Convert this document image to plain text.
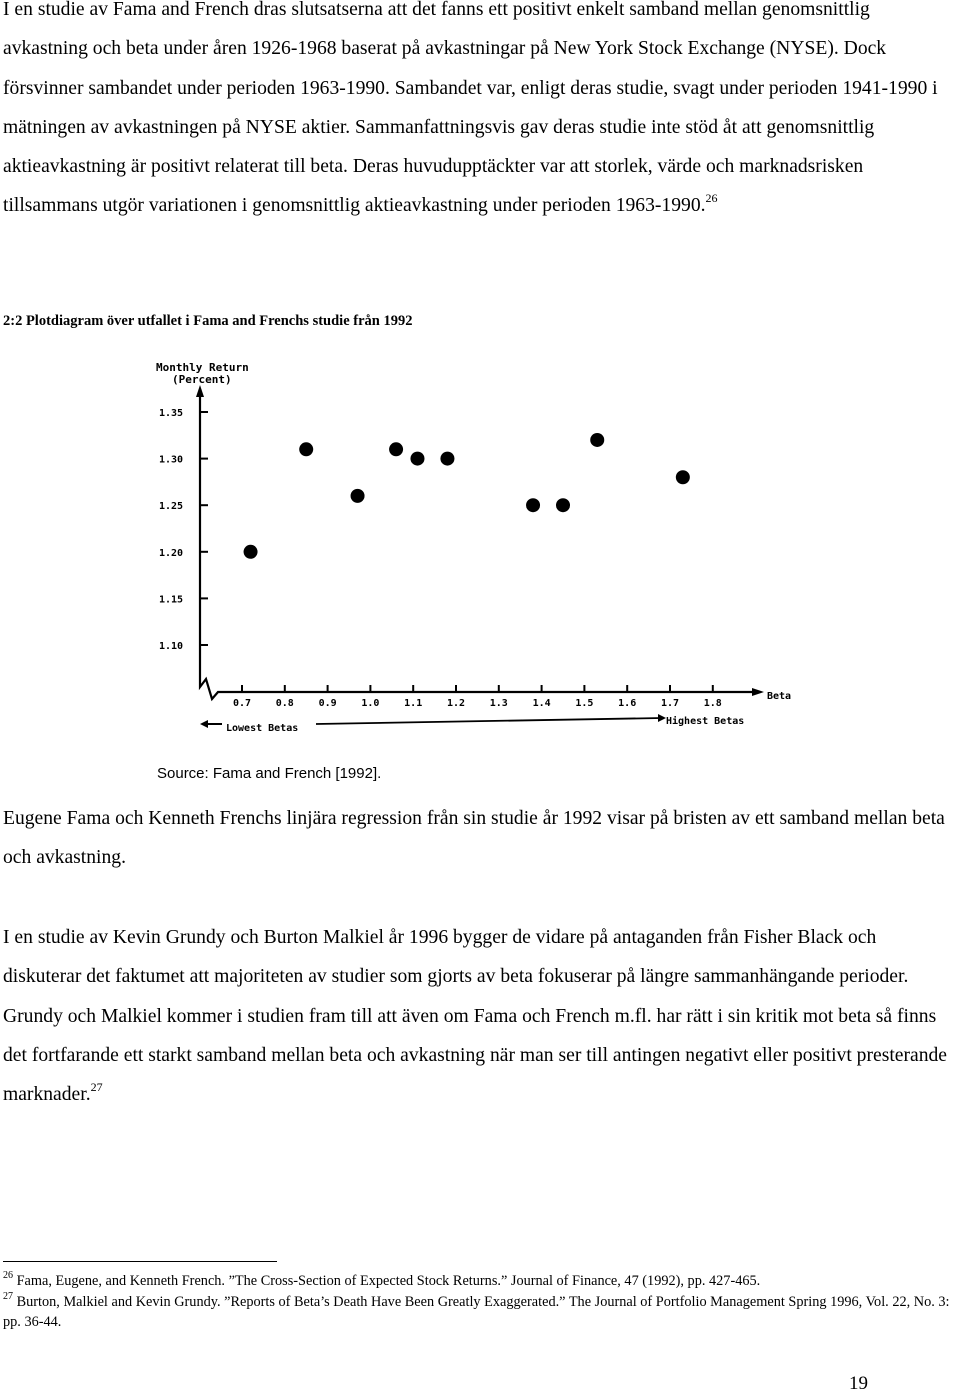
I en studie av Fama and French dras slutsatserna att det fanns ett positivt enkelt samband mellan genomsnittlig avkastning och beta under åren 1926-1968 baserat på avkastningar på New York Stock Exchange (NYSE). Dock försvinner sambandet under perioden 1963-1990. Sambandet var, enligt deras studie, svagt under perioden 1941-1990 i mätningen av avkastningen på NYSE aktier. Sammanfattningsvis gav deras studie inte stöd åt att genomsnittlig aktieavkastning är positivt relaterat till beta. Deras huvudupptäckter var att storlek, värde och marknadsrisken tillsammans utgör variationen i genomsnittlig aktieavkastning under perioden 1963-1990.26

2:2 Plotdiagram över utfallet i Fama and Frenchs studie från 1992

1.35
1.30
1.25
1.20
1.15
1.10
0.7 0.8 0.9 1.0 1.1 1.2 1.3 1.4 1.5 1.6 1.7 1.8
Monthly Return
(Percent)
Beta
Lowest Betas
Highest Betas
Source: Fama and French [1992].

Eugene Fama och Kenneth Frenchs linjära regression från sin studie år 1992 visar på bristen av ett samband mellan beta och avkastning.

I en studie av Kevin Grundy och Burton Malkiel år 1996 bygger de vidare på antaganden från Fisher Black och diskuterar det faktumet att majoriteten av studier som gjorts av beta fokuserar på längre sammanhängande perioder. Grundy och Malkiel kommer i studien fram till att även om Fama och French m.fl. har rätt i sin kritik mot beta så finns det fortfarande ett starkt samband mellan beta och avkastning när man ser till antingen negativt eller positivt presterande marknader.$^{27}$

$^{26}$ Fama, Eugene, and Kenneth French. ”The Cross-Section of Expected Stock Returns.” Journal of Finance, 47 (1992), pp. 427-465.

$^{27}$ Burton, Malkiel and Kevin Grundy. ”Reports of Beta’s Death Have Been Greatly Exaggerated.” The Journal of Portfolio Management Spring 1996, Vol. 22, No. 3: pp. 36-44.

19
